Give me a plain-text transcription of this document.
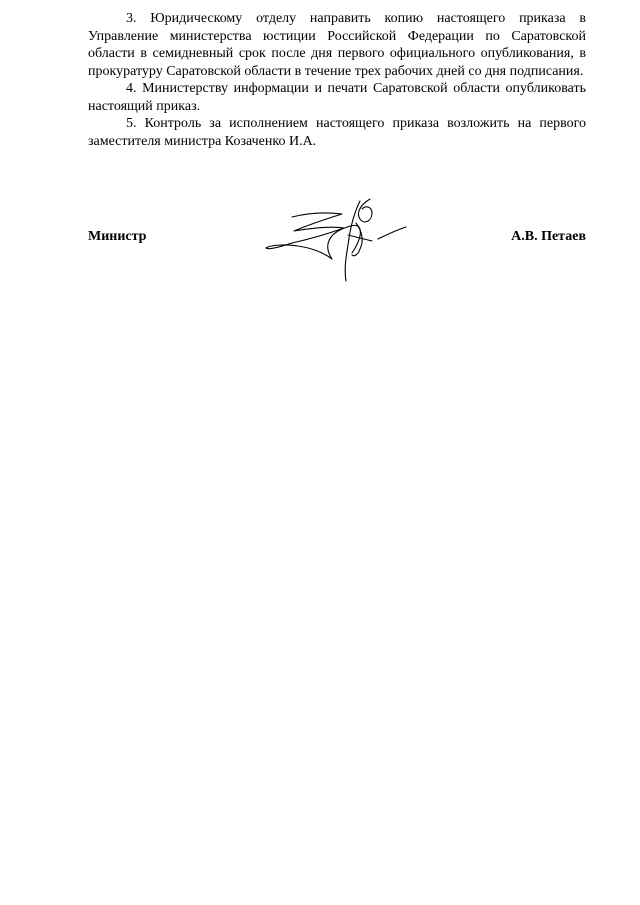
3. Юридическому отделу направить копию настоящего приказа в Управление министерства юстиции Российской Федерации по Саратовской области в семидневный срок после дня первого официального опубликования, в прокуратуру Саратовской области в течение трех рабочих дней со дня подписания.

4. Министерству информации и печати Саратовской области опубликовать настоящий приказ.

5. Контроль за исполнением настоящего приказа возложить на первого заместителя министра Козаченко И.А.

Министр	А.В. Петаев
